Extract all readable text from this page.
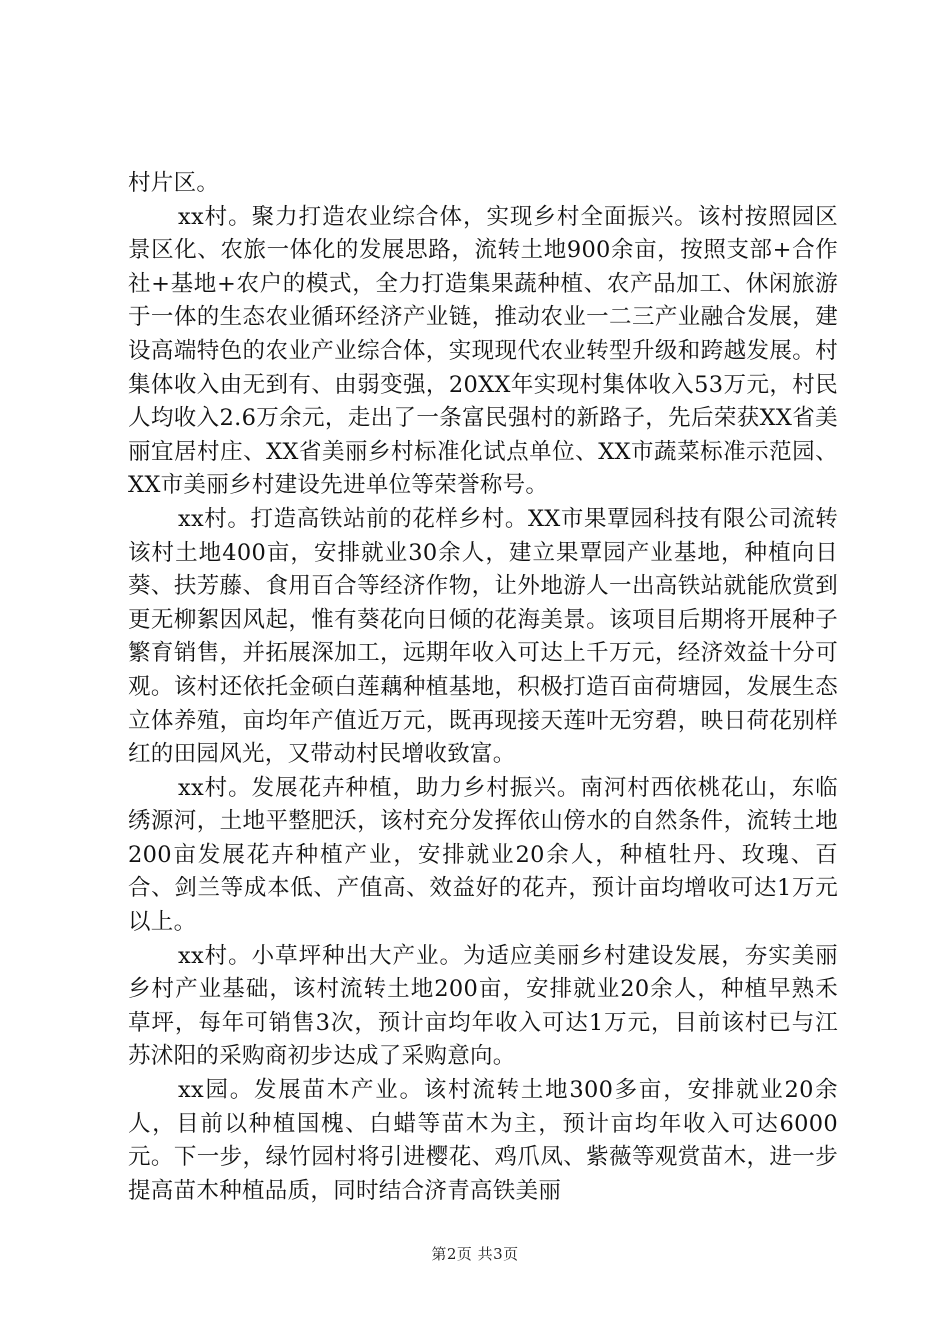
村片区。

xx村。聚力打造农业综合体，实现乡村全面振兴。该村按照园区景区化、农旅一体化的发展思路，流转土地900余亩，按照支部+合作社+基地+农户的模式，全力打造集果蔬种植、农产品加工、休闲旅游于一体的生态农业循环经济产业链，推动农业一二三产业融合发展，建设高端特色的农业产业综合体，实现现代农业转型升级和跨越发展。村集体收入由无到有、由弱变强，20XX年实现村集体收入53万元，村民人均收入2.6万余元，走出了一条富民强村的新路子，先后荣获XX省美丽宜居村庄、XX省美丽乡村标准化试点单位、XX市蔬菜标准示范园、XX市美丽乡村建设先进单位等荣誉称号。

xx村。打造高铁站前的花样乡村。XX市果覃园科技有限公司流转该村土地400亩，安排就业30余人，建立果覃园产业基地，种植向日葵、扶芳藤、食用百合等经济作物，让外地游人一出高铁站就能欣赏到更无柳絮因风起，惟有葵花向日倾的花海美景。该项目后期将开展种子繁育销售，并拓展深加工，远期年收入可达上千万元，经济效益十分可观。该村还依托金硕白莲藕种植基地，积极打造百亩荷塘园，发展生态立体养殖，亩均年产值近万元，既再现接天莲叶无穷碧，映日荷花别样红的田园风光，又带动村民增收致富。

xx村。发展花卉种植，助力乡村振兴。南河村西依桃花山，东临绣源河，土地平整肥沃，该村充分发挥依山傍水的自然条件，流转土地200亩发展花卉种植产业，安排就业20余人，种植牡丹、玫瑰、百合、剑兰等成本低、产值高、效益好的花卉，预计亩均增收可达1万元以上。

xx村。小草坪种出大产业。为适应美丽乡村建设发展，夯实美丽乡村产业基础，该村流转土地200亩，安排就业20余人，种植早熟禾草坪，每年可销售3次，预计亩均年收入可达1万元，目前该村已与江苏沭阳的采购商初步达成了采购意向。

xx园。发展苗木产业。该村流转土地300多亩，安排就业20余人，目前以种植国槐、白蜡等苗木为主，预计亩均年收入可达6000元。下一步，绿竹园村将引进樱花、鸡爪凤、紫薇等观赏苗木，进一步提高苗木种植品质，同时结合济青高铁美丽

第2页 共3页
